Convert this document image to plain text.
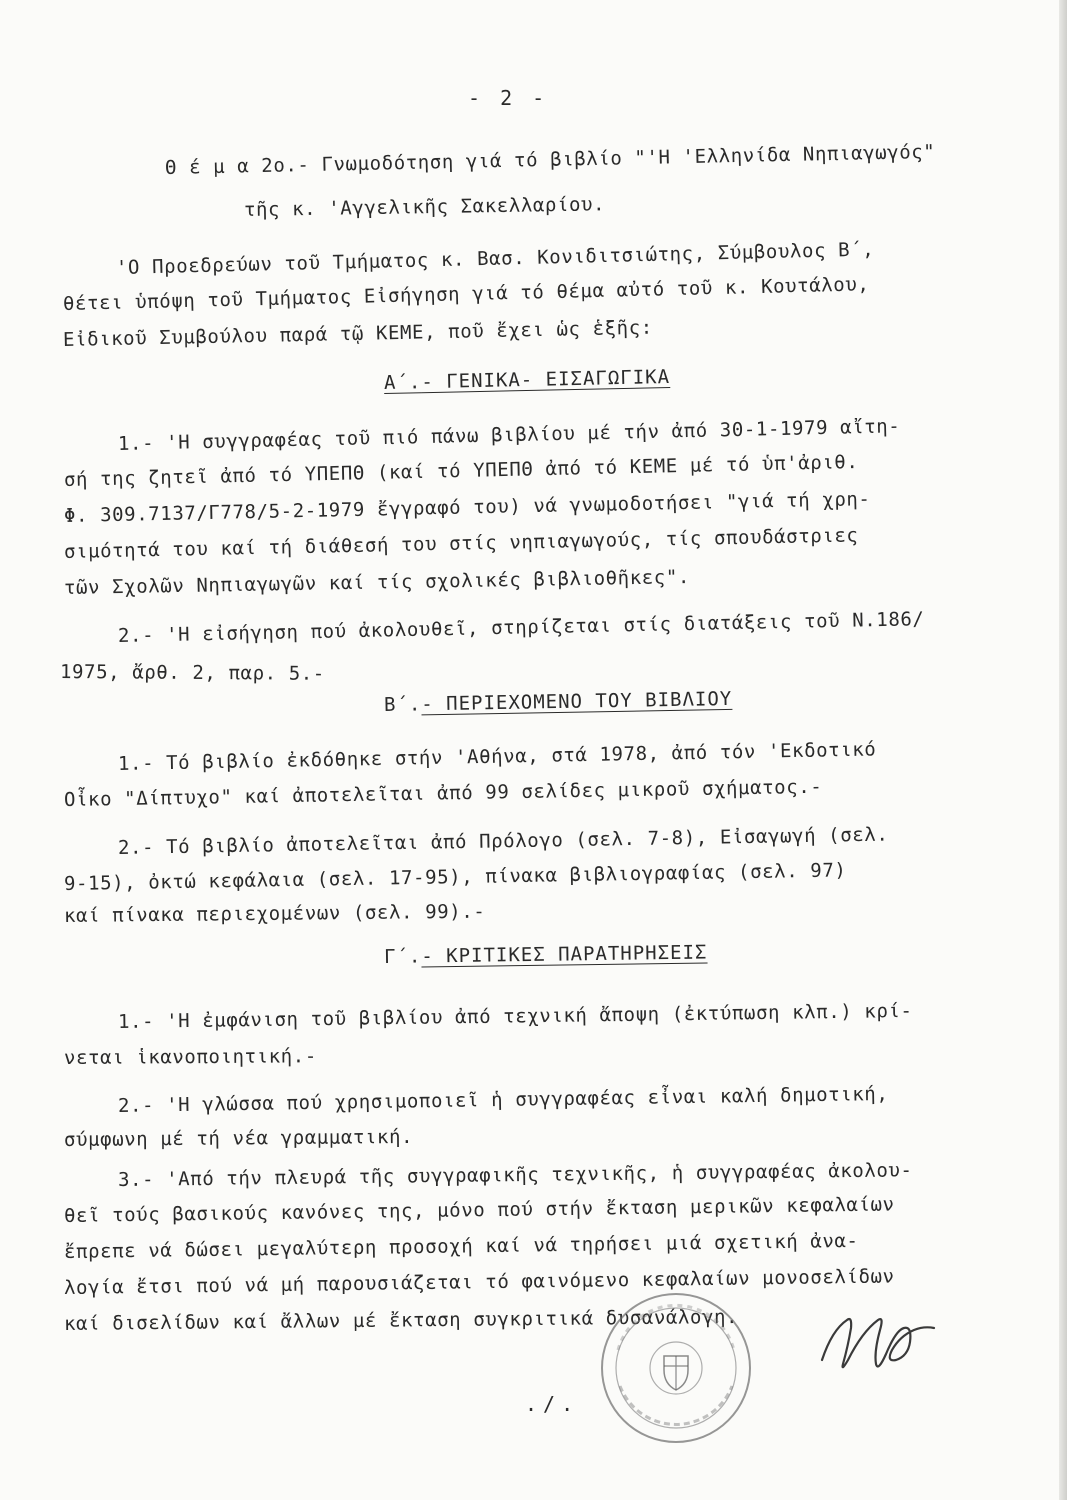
- 2 -
Θ έ μ α 2ο.- Γνωμοδότηση γιά τό βιβλίο "'Η 'Ελληνίδα Νηπιαγωγός"
τῆς κ. 'Αγγελικῆς Σακελλαρίου.
'Ο Προεδρεύων τοῦ Τμήματος κ. Βασ. Κονιδιτσιώτης, Σύμβουλος Β΄,
θέτει ὑπόψη τοῦ Τμήματος Εἰσήγηση γιά τό θέμα αὐτό τοῦ κ. Κουτάλου,
Εἰδικοῦ Συμβούλου παρά τῷ ΚΕΜΕ, ποῦ ἔχει ὡς ἑξῆς:
Α΄.- ΓΕΝΙΚΑ- ΕΙΣΑΓΩΓΙΚΑ
1.- 'Η συγγραφέας τοῦ πιό πάνω βιβλίου μέ τήν ἀπό 30-1-1979 αἴτη-
σή της ζητεῖ ἀπό τό ΥΠΕΠΘ (καί τό ΥΠΕΠΘ ἀπό τό ΚΕΜΕ μέ τό ὑπ'ἀριθ.
Φ. 309.7137/Γ778/5-2-1979 ἔγγραφό του) νά γνωμοδοτήσει "γιά τή χρη-
σιμότητά του καί τή διάθεσή του στίς νηπιαγωγούς, τίς σπουδάστριες
τῶν Σχολῶν Νηπιαγωγῶν καί τίς σχολικές βιβλιοθῆκες".
2.- 'Η εἰσήγηση πού ἀκολουθεῖ, στηρίζεται στίς διατάξεις τοῦ Ν.186/
1975, ἄρθ. 2, παρ. 5.-
Β΄.- ΠΕΡΙΕΧΟΜΕΝΟ ΤΟΥ ΒΙΒΛΙΟΥ
1.- Τό βιβλίο ἐκδόθηκε στήν 'Αθήνα, στά 1978, ἀπό τόν 'Εκδοτικό
Οἶκο "Δίπτυχο" καί ἀποτελεῖται ἀπό 99 σελίδες μικροῦ σχήματος.-
2.- Τό βιβλίο ἀποτελεῖται ἀπό Πρόλογο (σελ. 7-8), Εἰσαγωγή (σελ.
9-15), ὀκτώ κεφάλαια (σελ. 17-95), πίνακα βιβλιογραφίας (σελ. 97)
καί πίνακα περιεχομένων (σελ. 99).-
Γ΄.- ΚΡΙΤΙΚΕΣ ΠΑΡΑΤΗΡΗΣΕΙΣ
1.- 'Η ἐμφάνιση τοῦ βιβλίου ἀπό τεχνική ἄποψη (ἐκτύπωση κλπ.) κρί-
νεται ἱκανοποιητική.-
2.- 'Η γλώσσα πού χρησιμοποιεῖ ἡ συγγραφέας εἶναι καλή δημοτική,
σύμφωνη μέ τή νέα γραμματική.
3.- 'Από τήν πλευρά τῆς συγγραφικῆς τεχνικῆς, ἡ συγγραφέας ἀκολου-
θεῖ τούς βασικούς κανόνες της, μόνο πού στήν ἔκταση μερικῶν κεφαλαίων
ἔπρεπε νά δώσει μεγαλύτερη προσοχή καί νά τηρήσει μιά σχετική ἀνα-
λογία ἔτσι πού νά μή παρουσιάζεται τό φαινόμενο κεφαλαίων μονοσελίδων
καί δισελίδων καί ἄλλων μέ ἔκταση συγκριτικά δυσανάλογη.
./.
